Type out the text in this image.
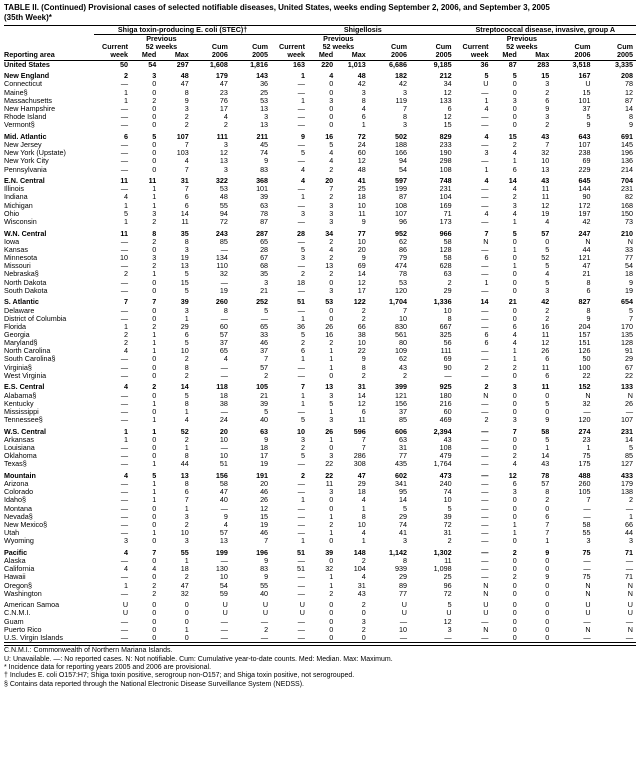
TABLE II. (Continued) Provisional cases of selected notifiable diseases, United States, weeks ending September 2, 2006, and September 3, 2005
(35th Week)*
	Shiga toxin-producing E. coli (STEC)†					Shigellosis					Streptococcal disease, invasive, group A				
		Previous					Previous					Previous			
	Current	52 weeks		Cum	Cum	Current	52 weeks		Cum	Cum	Current	52 weeks		Cum	Cum
Reporting area	week	Med	Max	2006	2005	week	Med	Max	2006	2005	week	Med	Max	2006	2005
United States	50	54	297	1,608	1,816	163	220	1,013	6,686	9,185	36	87	283	3,518	3,335

New England	2	3	48	179	143	1	4	48	182	212	5	5	15	167	208
Connecticut	—	0	47	47	36	—	0	42	42	34	U	0	3	U	78
Maine§	1	0	8	23	25	—	0	3	3	12	—	0	2	15	12
Massachusetts	1	2	9	76	53	1	3	8	119	133	1	3	6	101	87
New Hampshire	—	0	3	17	13	—	0	4	7	6	4	0	9	37	14
Rhode Island	—	0	2	4	3	—	0	6	8	12	—	0	3	5	8
Vermont§	—	0	2	2	13	—	0	1	3	15	—	0	2	9	9

Mid. Atlantic	6	5	107	111	211	9	16	72	502	829	4	15	43	643	691
New Jersey	—	0	7	3	45	—	5	24	188	233	—	2	7	107	145
New York (Upstate)	—	0	103	12	74	5	4	60	166	190	3	4	32	238	196
New York City	—	0	4	13	9	—	4	12	94	298	—	1	10	69	136
Pennsylvania	—	0	7	3	83	4	2	48	54	108	1	6	13	229	214

E.N. Central	11	11	31	322	368	4	20	41	597	748	4	14	43	645	704
Illinois	—	1	7	53	101	—	7	25	199	231	—	4	11	144	231
Indiana	4	1	6	48	39	1	2	18	87	104	—	2	11	90	82
Michigan	1	1	6	55	63	—	3	10	108	169	—	3	12	172	168
Ohio	5	3	14	94	78	3	3	11	107	71	4	4	19	197	150
Wisconsin	1	2	11	72	87	—	3	9	96	173	—	1	4	42	73

W.N. Central	11	8	35	243	287	28	34	77	952	966	7	5	57	247	210
Iowa	—	2	8	85	65	—	2	10	62	58	N	0	0	N	N
Kansas	—	0	3	—	28	5	4	20	86	128	—	1	5	44	33
Minnesota	10	3	19	134	67	3	2	9	79	58	6	0	52	121	77
Missouri	—	2	13	110	68	—	13	69	474	628	—	1	5	47	54
Nebraska§	2	1	5	32	35	2	2	14	78	63	—	0	4	21	18
North Dakota	—	0	15	—	3	18	0	12	53	2	1	0	5	8	9
South Dakota	—	0	5	19	21	—	3	17	120	29	—	0	3	6	19

S. Atlantic	7	7	39	260	252	51	53	122	1,704	1,336	14	21	42	827	654
Delaware	—	0	3	8	5	—	0	2	7	10	—	0	2	8	5
District of Columbia	—	0	1	—	—	1	0	2	10	8	—	0	2	9	7
Florida	1	2	29	60	65	36	26	66	830	667	—	6	16	204	170
Georgia	2	1	6	57	33	5	16	38	561	325	6	4	11	157	135
Maryland§	2	1	5	37	46	2	2	10	80	56	6	4	12	151	128
North Carolina	4	1	10	65	37	6	1	22	109	111	—	1	26	126	91
South Carolina§	—	0	2	4	7	1	1	9	62	69	—	1	6	50	29
Virginia§	—	0	8	—	57	—	1	8	43	90	2	2	11	100	67
West Virginia	—	0	2	—	2	—	0	2	2	—	—	0	6	22	22

E.S. Central	4	2	14	118	105	7	13	31	399	925	2	3	11	152	133
Alabama§	—	0	5	18	21	1	3	14	121	180	N	0	0	N	N
Kentucky	—	1	8	38	39	1	5	12	156	216	—	0	5	32	26
Mississippi	—	0	1	—	5	—	1	6	37	60	—	0	0	—	—
Tennessee§	—	1	4	24	40	5	3	11	85	469	2	3	9	120	107

W.S. Central	1	1	52	20	63	10	26	596	606	2,394	—	7	58	274	231
Arkansas	1	0	2	10	9	3	1	7	63	43	—	0	5	23	14
Louisiana	—	0	1	—	18	2	0	7	31	108	—	0	1	1	5
Oklahoma	—	0	8	10	17	5	3	286	77	479	—	2	14	75	85
Texas§	—	1	44	51	19	—	22	308	435	1,764	—	4	43	175	127

Mountain	4	5	13	156	191	2	22	47	602	473	—	12	78	488	433
Arizona	—	1	8	58	20	—	11	29	341	240	—	6	57	260	179
Colorado	—	1	6	47	46	—	3	18	95	74	—	3	8	105	138
Idaho§	—	1	7	40	26	1	0	4	14	10	—	0	2	7	2
Montana	—	0	1	—	12	—	0	1	5	5	—	0	0	—	—
Nevada§	—	0	3	9	15	—	1	8	29	39	—	0	6	—	1
New Mexico§	—	0	2	4	19	—	2	10	74	72	—	1	7	58	66
Utah	—	1	10	57	46	—	1	4	41	31	—	1	7	55	44
Wyoming	3	0	3	13	7	1	0	1	3	2	—	0	1	3	3

Pacific	4	7	55	199	196	51	39	148	1,142	1,302	—	2	9	75	71
Alaska	—	0	1	—	9	—	0	2	8	11	—	0	0	—	—
California	4	4	18	130	83	51	32	104	939	1,098	—	0	0	—	—
Hawaii	—	0	2	10	9	—	1	4	29	25	—	2	9	75	71
Oregon§	1	2	47	54	55	—	1	31	89	96	N	0	0	N	N
Washington	—	2	32	59	40	—	2	43	77	72	N	0	0	N	N

American Samoa	U	0	0	U	U	U	0	2	U	5	U	0	0	U	U
C.N.M.I.	U	0	0	U	U	U	0	0	U	U	U	0	0	U	U
Guam	—	0	0	—	—	—	0	3	—	12	—	0	0	—	—
Puerto Rico	—	0	1	—	2	—	0	2	10	3	N	0	0	N	N
U.S. Virgin Islands	—	0	0	—	—	—	0	0	—	—	—	0	0	—	—
C.N.M.I.: Commonwealth of Northern Mariana Islands.
U: Unavailable. —: No reported cases. N: Not notifiable. Cum: Cumulative year-to-date counts. Med: Median. Max: Maximum.
* Incidence data for reporting years 2005 and 2006 are provisional.
† Includes E. coli O157:H7; Shiga toxin positive, serogroup non-O157; and Shiga toxin positive, not serogrouped.
§ Contains data reported through the National Electronic Disease Surveillance System (NEDSS).
